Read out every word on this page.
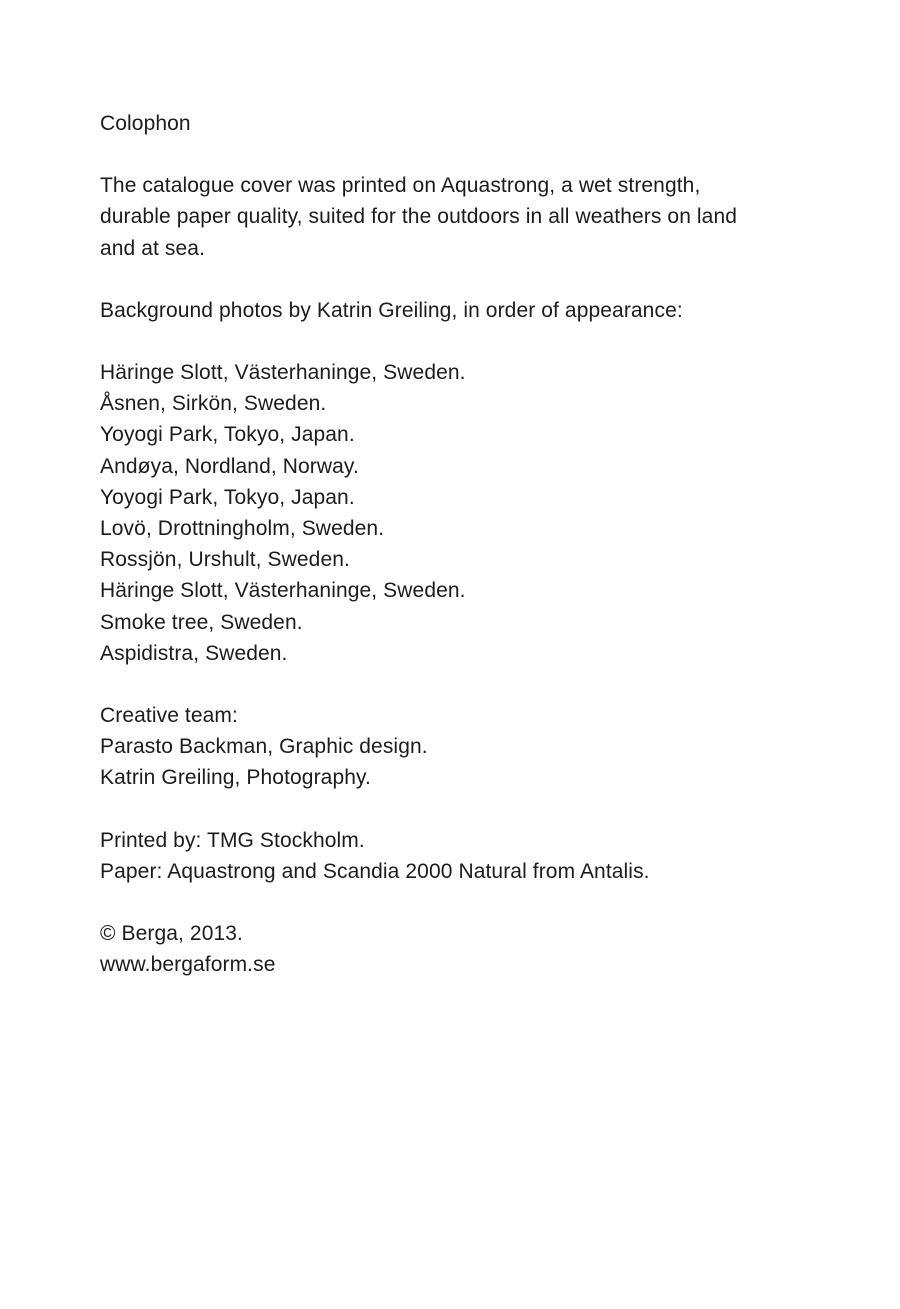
Colophon
The catalogue cover was printed on Aquastrong, a wet strength,
durable paper quality, suited for the outdoors in all weathers on land
and at sea.
Background photos by Katrin Greiling, in order of appearance:
Häringe Slott, Västerhaninge, Sweden.
Åsnen, Sirkön, Sweden.
Yoyogi Park, Tokyo, Japan.
Andøya, Nordland, Norway.
Yoyogi Park, Tokyo, Japan.
Lovö, Drottningholm, Sweden.
Rossjön, Urshult, Sweden.
Häringe Slott, Västerhaninge, Sweden.
Smoke tree, Sweden.
Aspidistra, Sweden.
Creative team:
Parasto Backman, Graphic design.
Katrin Greiling, Photography.
Printed by: TMG Stockholm.
Paper: Aquastrong and Scandia 2000 Natural from Antalis.
© Berga, 2013.
www.bergaform.se
